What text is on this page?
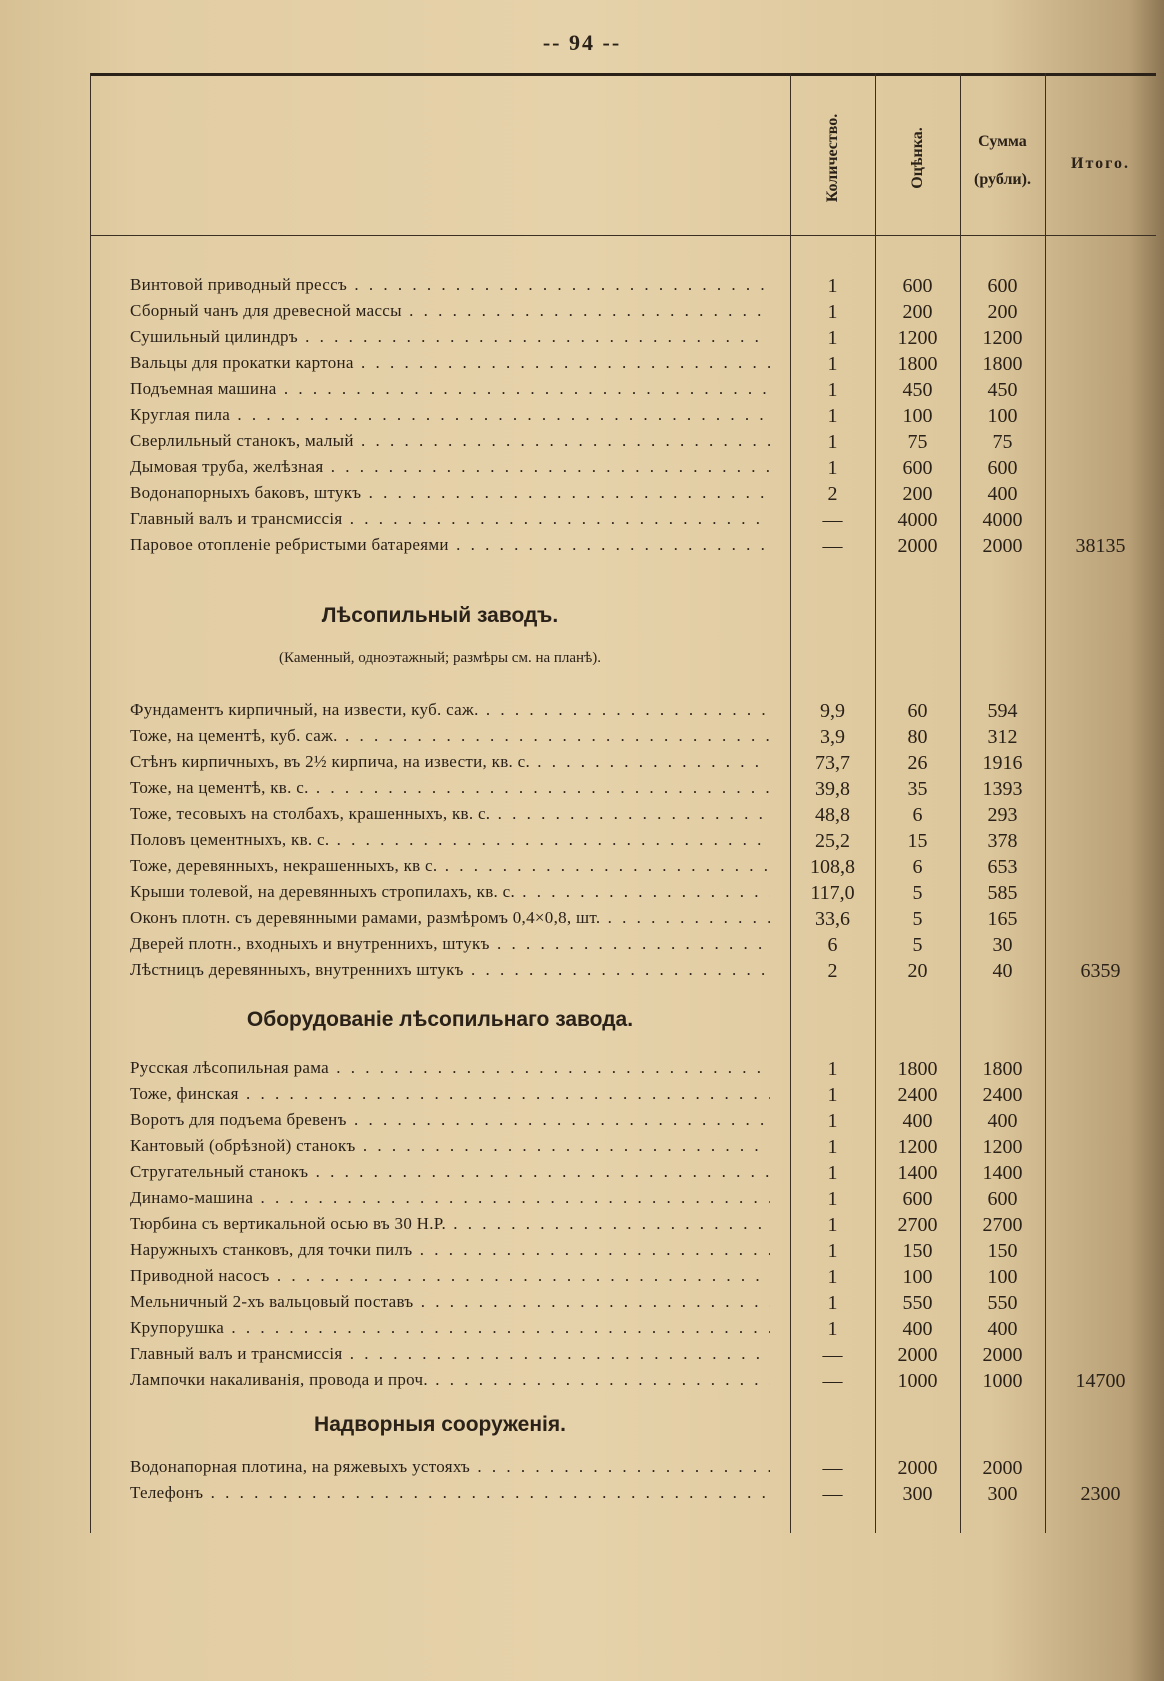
-- 94 --
Количество.	Оцѣнка.	Сумма
(рубли).
Итого.
Лѣсопильный заводъ.
(Каменный, одноэтажный; размѣры см. на планѣ).
Оборудованіе лѣсопильнаго завода.
Надворныя сооруженія.
Винтовой приводный прессъ . . .	1	600	600
Сборный чанъ для древесной массы . . .	1	200	200
Сушильный цилиндръ . . .	1	1200	1200
Вальцы для прокатки картона . . .	1	1800	1800
Подъемная машина . . .	1	450	450
Круглая пила . . .	1	100	100
Сверлильный станокъ, малый . . .	1	75	75
Дымовая труба, желѣзная . . .	1	600	600
Водонапорныхъ баковъ, штукъ . . .	2	200	400
Главный валъ и трансмиссія . . .	—	4000	4000
Паровое отопленіе ребристыми батареями . . .	—	2000	2000	38135
Фундаментъ кирпичный, на извести, куб. саж. . . .	9,9	60	594
Тоже, на цементѣ, куб. саж. . . .	3,9	80	312
Стѣнъ кирпичныхъ, въ 2½ кирпича, на извести, кв. с. . . .	73,7	26	1916
Тоже, на цементѣ, кв. с. . . .	39,8	35	1393
Тоже, тесовыхъ на столбахъ, крашенныхъ, кв. с. . . .	48,8	6	293
Половъ цементныхъ, кв. с. . . .	25,2	15	378
Тоже, деревянныхъ, некрашенныхъ, кв с. . . .	108,8	6	653
Крыши толевой, на деревянныхъ стропилахъ, кв. с. . . .	117,0	5	585
Оконъ плотн. съ деревянными рамами, размѣромъ 0,4×0,8, шт. . . .	33,6	5	165
Дверей плотн., входныхъ и внутреннихъ, штукъ . . .	6	5	30
Лѣстницъ деревянныхъ, внутреннихъ штукъ . . .	2	20	40	6359
Русская лѣсопильная рама . . .	1	1800	1800
Тоже, финская . . .	1	2400	2400
Воротъ для подъема бревенъ . . .	1	400	400
Кантовый (обрѣзной) станокъ . . .	1	1200	1200
Стругательный станокъ . . .	1	1400	1400
Динамо-машина . . .	1	600	600
Тюрбина съ вертикальной осью въ 30 Н.Р. . . .	1	2700	2700
Наружныхъ станковъ, для точки пилъ . . .	1	150	150
Приводной насосъ . . .	1	100	100
Мельничный 2-хъ вальцовый поставъ . . .	1	550	550
Крупорушка . . .	1	400	400
Главный валъ и трансмиссія . . .	—	2000	2000
Лампочки накаливанія, провода и проч. . . .	—	1000	1000	14700
Водонапорная плотина, на ряжевыхъ устояхъ . . .	—	2000	2000
Телефонъ . . .	—	300	300	2300
